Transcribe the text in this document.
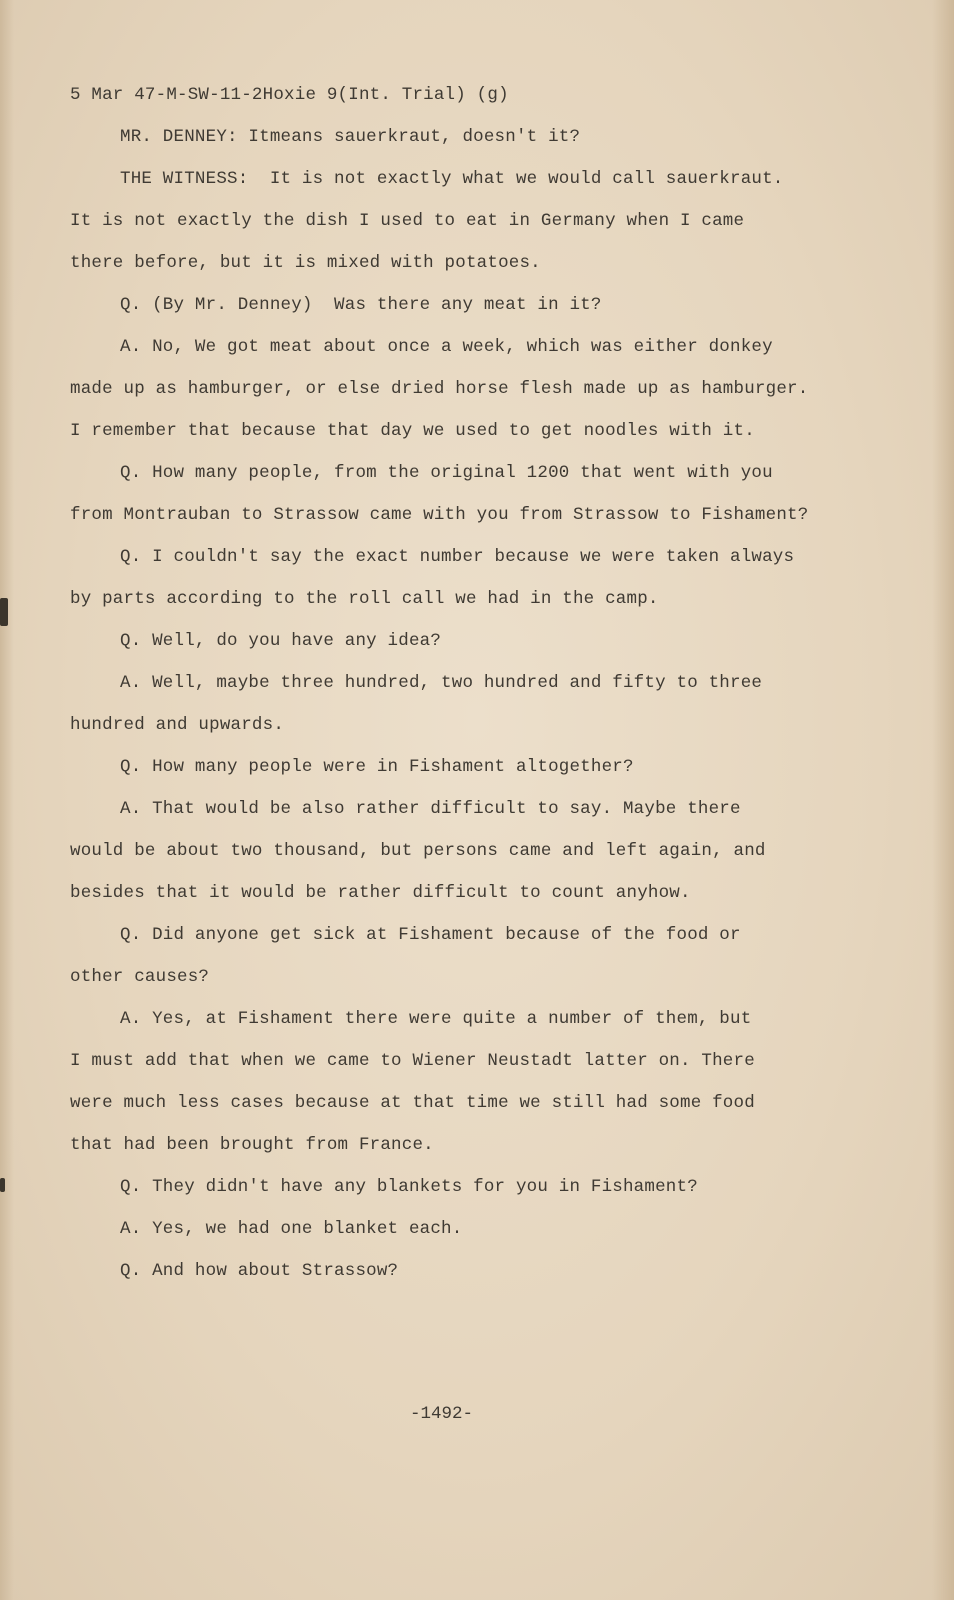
5 Mar 47-M-SW-11-2Hoxie 9(Int. Trial) (g)
MR. DENNEY: Itmeans sauerkraut, doesn't it?
THE WITNESS:  It is not exactly what we would call sauerkraut.
It is not exactly the dish I used to eat in Germany when I came
there before, but it is mixed with potatoes.
Q. (By Mr. Denney)  Was there any meat in it?
A. No, We got meat about once a week, which was either donkey
made up as hamburger, or else dried horse flesh made up as hamburger.
I remember that because that day we used to get noodles with it.
Q. How many people, from the original 1200 that went with you
from Montrauban to Strassow came with you from Strassow to Fishament?
Q. I couldn't say the exact number because we were taken always
by parts according to the roll call we had in the camp.
Q. Well, do you have any idea?
A. Well, maybe three hundred, two hundred and fifty to three
hundred and upwards.
Q. How many people were in Fishament altogether?
A. That would be also rather difficult to say. Maybe there
would be about two thousand, but persons came and left again, and
besides that it would be rather difficult to count anyhow.
Q. Did anyone get sick at Fishament because of the food or
other causes?
A. Yes, at Fishament there were quite a number of them, but
I must add that when we came to Wiener Neustadt latter on. There
were much less cases because at that time we still had some food
that had been brought from France.
Q. They didn't have any blankets for you in Fishament?
A. Yes, we had one blanket each.
Q. And how about Strassow?
-1492-
